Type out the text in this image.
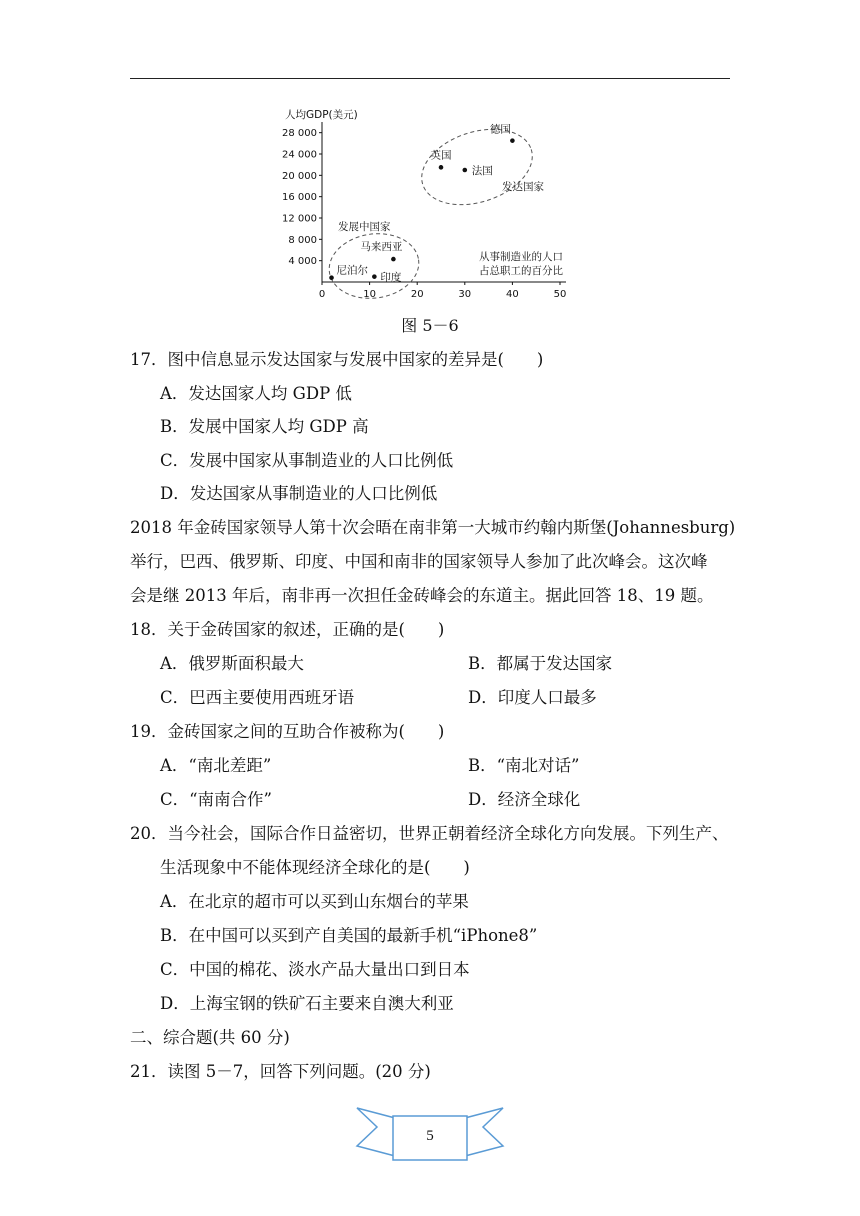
人均GDP(美元)
4 000
8 000
12 000
16 000
20 000
24 000
28 000
0	10	20	30	40	50
发达国家
发展中国家
德国
英国
法国
马来西亚
印度
尼泊尔
从事制造业的人口
占总职工的百分比
图 5－6
17．图中信息显示发达国家与发展中国家的差异是(　　)
A．发达国家人均 GDP 低
B．发展中国家人均 GDP 高
C．发展中国家从事制造业的人口比例低
D．发达国家从事制造业的人口比例低
2018 年金砖国家领导人第十次会晤在南非第一大城市约翰内斯堡(Johannesburg)
举行，巴西、俄罗斯、印度、中国和南非的国家领导人参加了此次峰会。这次峰
会是继 2013 年后，南非再一次担任金砖峰会的东道主。据此回答 18、19 题。
18．关于金砖国家的叙述，正确的是(　　)
A．俄罗斯面积最大	B．都属于发达国家
C．巴西主要使用西班牙语	D．印度人口最多
19．金砖国家之间的互助合作被称为(　　)
A．“南北差距”	B．“南北对话”
C．“南南合作”	D．经济全球化
20．当今社会，国际合作日益密切，世界正朝着经济全球化方向发展。下列生产、
生活现象中不能体现经济全球化的是(　　)
A．在北京的超市可以买到山东烟台的苹果
B．在中国可以买到产自美国的最新手机“iPhone8”
C．中国的棉花、淡水产品大量出口到日本
D．上海宝钢的铁矿石主要来自澳大利亚
二、综合题(共 60 分)
21．读图 5－7，回答下列问题。(20 分)
5
